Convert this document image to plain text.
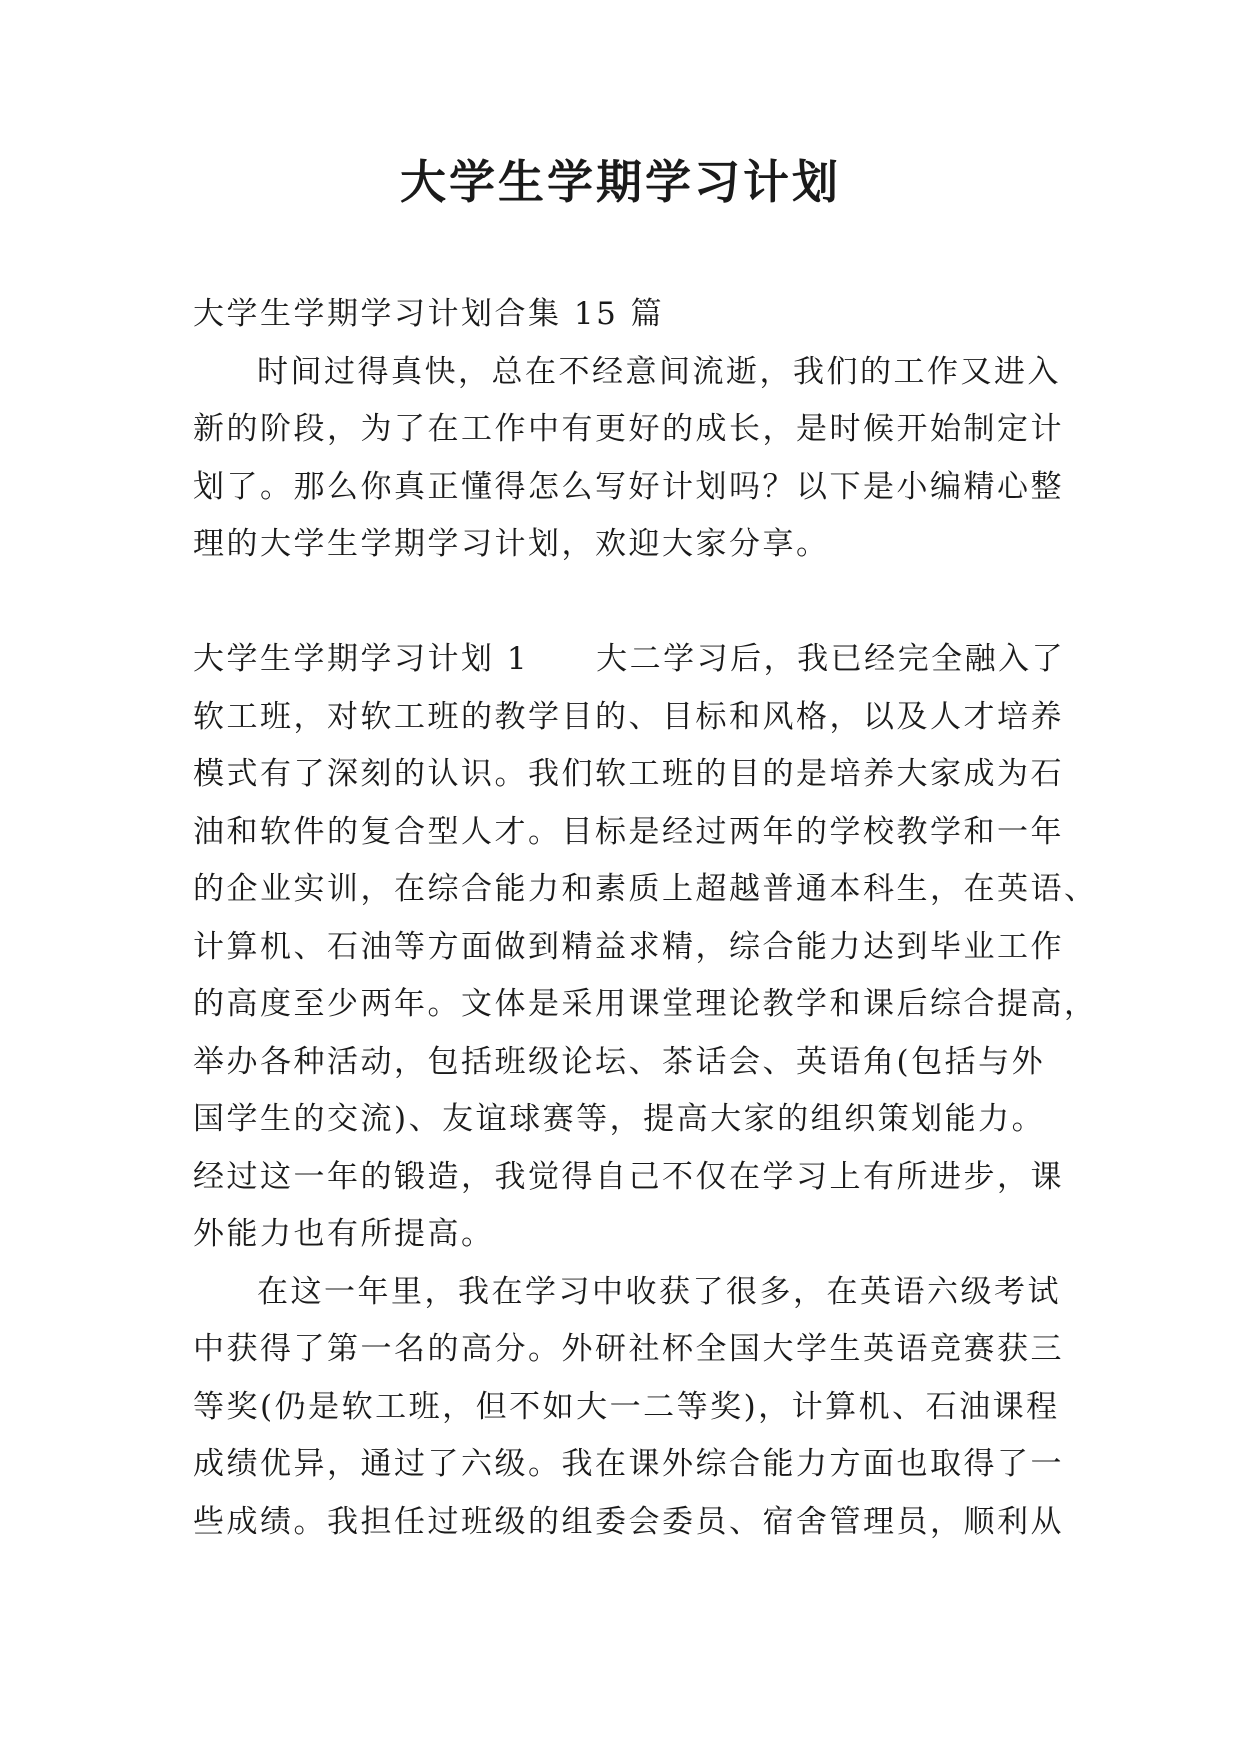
大学生学期学习计划
大学生学期学习计划合集 15 篇
时间过得真快，总在不经意间流逝，我们的工作又进入
新的阶段，为了在工作中有更好的成长，是时候开始制定计
划了。那么你真正懂得怎么写好计划吗？以下是小编精心整
理的大学生学期学习计划，欢迎大家分享。
大学生学期学习计划 1　　大二学习后，我已经完全融入了
软工班，对软工班的教学目的、目标和风格，以及人才培养
模式有了深刻的认识。我们软工班的目的是培养大家成为石
油和软件的复合型人才。目标是经过两年的学校教学和一年
的企业实训，在综合能力和素质上超越普通本科生，在英语、
计算机、石油等方面做到精益求精，综合能力达到毕业工作
的高度至少两年。文体是采用课堂理论教学和课后综合提高，
举办各种活动，包括班级论坛、茶话会、英语角(包括与外
国学生的交流)、友谊球赛等，提高大家的组织策划能力。
经过这一年的锻造，我觉得自己不仅在学习上有所进步，课
外能力也有所提高。
在这一年里，我在学习中收获了很多，在英语六级考试
中获得了第一名的高分。外研社杯全国大学生英语竞赛获三
等奖(仍是软工班，但不如大一二等奖)，计算机、石油课程
成绩优异，通过了六级。我在课外综合能力方面也取得了一
些成绩。我担任过班级的组委会委员、宿舍管理员，顺利从
